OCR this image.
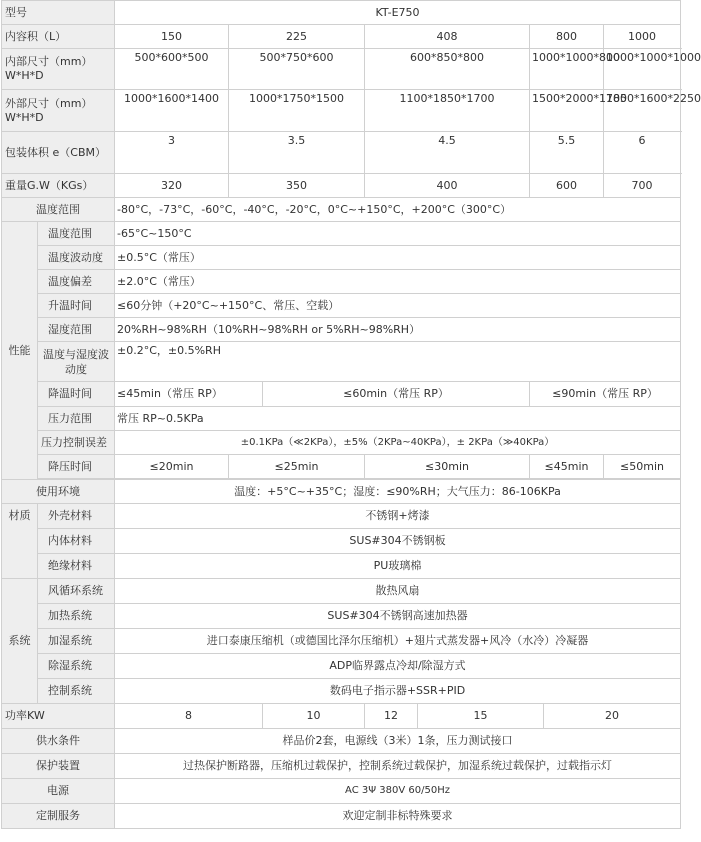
型号		KT-E750							
内容积（L）		150	225		408		800		1000
内部尺寸（mm）W*H*D		500*600*500	500*750*600		600*850*800		1000*1000*800		1000*1000*1000
外部尺寸（mm）W*H*D		1000*1600*1400	1000*1750*1500		1100*1850*1700		1500*2000*1700		1850*1600*2250
包装体积 e（CBM）		3	3.5		4.5		5.5		6
重量G.W（KGs）		320	350		400		600		700
温度范围		-80°C，-73°C，-60°C，-40°C，-20°C，0°C~+150°C，+200°C（300°C）							
性能	温度范围	-65°C~150°C							
	温度波动度	±0.5°C（常压）							
	温度偏差	±2.0°C（常压）							
	升温时间	≤60分钟（+20°C~+150°C、常压、空载）							
	湿度范围	20%RH~98%RH（10%RH~98%RH or 5%RH~98%RH）							
	温度与湿度波动度	±0.2°C，±0.5%RH							
	降温时间	≤45min（常压 RP）		≤60min（常压 RP）			≤90min（常压 RP）		
	压力范围	常压 RP~0.5KPa							
	压力控制误差	±0.1KPa（≪2KPa），±5%（2KPa~40KPa），± 2KPa（≫40KPa）							
	降压时间	≤20min	≤25min		≤30min		≤45min		≤50min

使用环境		温度：+5°C~+35°C；湿度：≤90%RH；大气压力：86-106KPa							
材质	外壳材料	不锈钢+烤漆							
	内体材料	SUS#304不锈钢板							
	绝缘材料	PU玻璃棉							
系统	风循环系统	散热风扇							
	加热系统	SUS#304不锈钢高速加热器							
	加湿系统	进口泰康压缩机（或德国比泽尔压缩机）+翅片式蒸发器+风冷（水冷）冷凝器							
	除湿系统	ADP临界露点冷却/除湿方式							
	控制系统	数码电子指示器+SSR+PID							
功率KW		8		10	12	15		20	
供水条件		样品价2套，电源线（3米）1条，压力测试接口							
保护装置		过热保护断路器，压缩机过载保护，控制系统过载保护，加湿系统过载保护，过载指示灯							
电源		AC 3Ψ 380V 60/50Hz							
定制服务		欢迎定制非标特殊要求							
